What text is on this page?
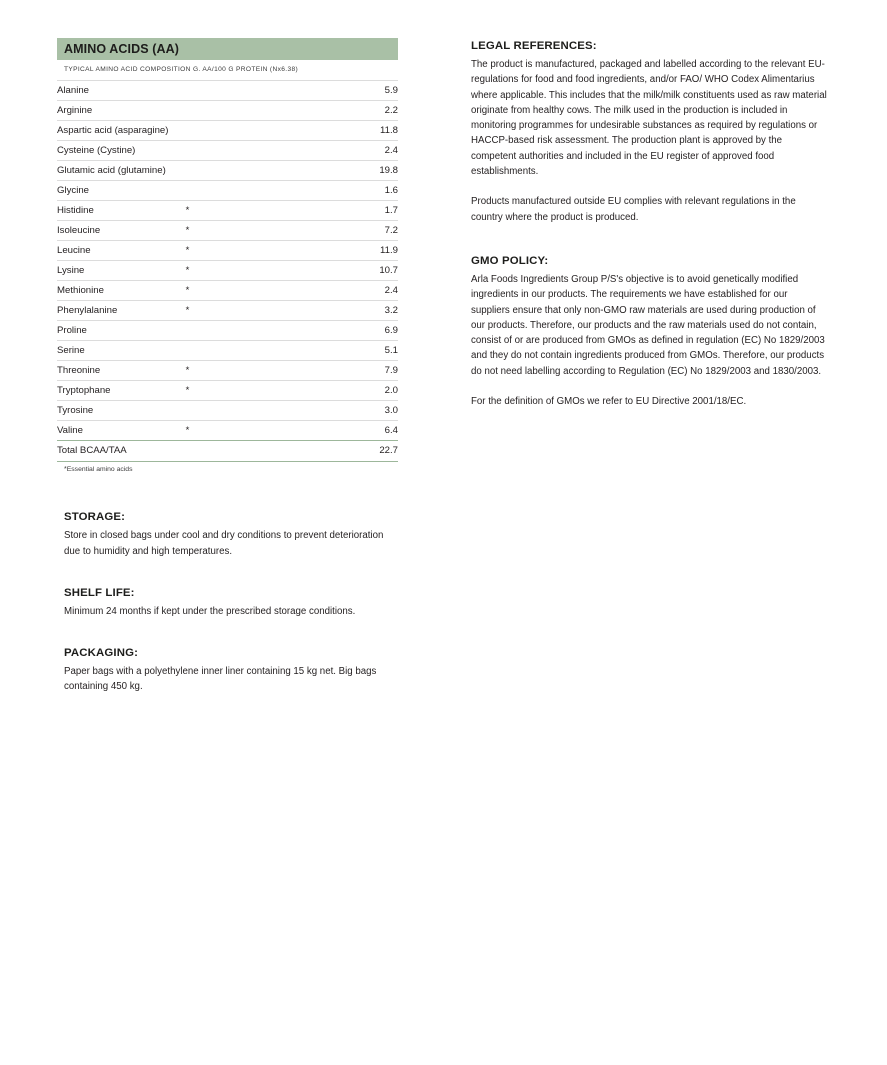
AMINO ACIDS (AA)
TYPICAL AMINO ACID COMPOSITION G. AA/100 G PROTEIN (Nx6.38)
Alanine			5.9
Arginine			2.2
Aspartic acid (asparagine)			11.8
Cysteine (Cystine)			2.4
Glutamic acid (glutamine)			19.8
Glycine			1.6
Histidine	*		1.7
Isoleucine	*		7.2
Leucine	*		11.9
Lysine	*		10.7
Methionine	*		2.4
Phenylalanine	*		3.2
Proline			6.9
Serine			5.1
Threonine	*		7.9
Tryptophane	*		2.0
Tyrosine			3.0
Valine	*		6.4
Total BCAA/TAA			22.7
*Essential amino acids
STORAGE:

Store in closed bags under cool and dry conditions to prevent deterioration due to humidity and high temperatures.

SHELF LIFE:

Minimum 24 months if kept under the prescribed storage conditions.

PACKAGING:

Paper bags with a polyethylene inner liner containing 15 kg net. Big bags containing 450 kg.

LEGAL REFERENCES:

The product is manufactured, packaged and labelled according to the relevant EU-regulations for food and food ingredients, and/or FAO/ WHO Codex Alimentarius where applicable. This includes that the milk/milk constituents used as raw material originate from healthy cows. The milk used in the production is included in monitoring programmes for undesirable substances as required by regulations or HACCP-based risk assessment. The production plant is approved by the competent authorities and included in the EU register of approved food establishments.

Products manufactured outside EU complies with relevant regulations in the country where the product is produced.

GMO POLICY:

Arla Foods Ingredients Group P/S's objective is to avoid genetically modified ingredients in our products. The requirements we have established for our suppliers ensure that only non-GMO raw materials are used during production of our products. Therefore, our products and the raw materials used do not contain, consist of or are produced from GMOs as defined in regulation (EC) No 1829/2003 and they do not contain ingredients produced from GMOs. Therefore, our products do not need labelling according to Regulation (EC) No 1829/2003 and 1830/2003.

For the definition of GMOs we refer to EU Directive 2001/18/EC.
